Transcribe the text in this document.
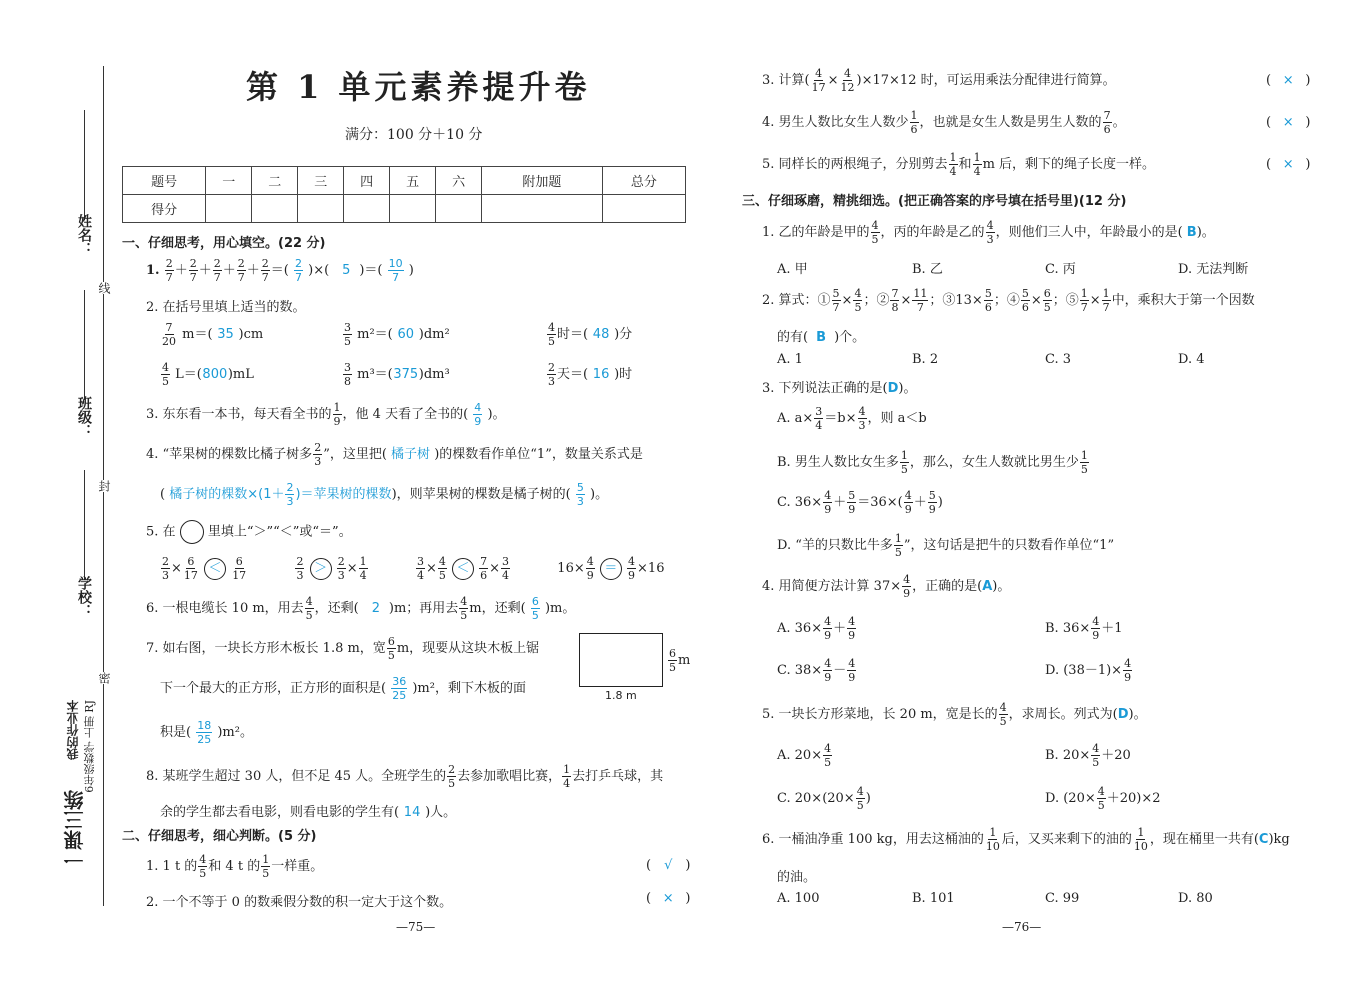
姓名：
班级：
学校：
线
封
密
一课三练
我的作业本 6年级数学 上册 RJ
第 1 单元素养提升卷
满分：100 分＋10 分
题号	一	二	三	四	五	六	附加题	总分
得分								
一、仔细思考，用心填空。(22 分)
1. $\frac{2}{7} + \frac{2}{7} + \frac{2}{7} + \frac{2}{7} + \frac{2}{7}$ ＝( $\frac{2}{7}$ )×( 5 )＝( $\frac{10}{7}$ )
2. 在括号里填上适当的数。
$\frac{7}{20} m=$( 35 )cm	$\frac{3}{5} m^2=$( 60 )dm²	$\frac{4}{5}$ 时＝( 48 )分
$\frac{4}{5} L=(800)mL$	$\frac{3}{8} m^3=(375)dm^3$	$\frac{2}{3}$ 天＝( 16 )时
3. 东东看一本书，每天看全书的 $\frac{1}{9}$ ，他 4 天看了全书的( $\frac{4}{9}$ )。
4. “苹果树的棵数比橘子树多 $\frac{2}{3}$ ”，这里把( 橘子树 )的棵数看作单位“1”，数量关系式是
( 橘子树的棵数$\times(1+ \frac{2}{3}$ )＝苹果树的棵数)，则苹果树的棵数是橘子树的( $\frac{5}{3}$ )。
5. 在 里填上“＞”“＜”或“＝”。
$\frac{2}{3} \times \frac{6}{17} < \frac{6}{17}$
	$\frac{2}{3} > \frac{2}{3} \times \frac{1}{4}$
	$\frac{3}{4} \times \frac{4}{5} < \frac{7}{6} \times \frac{3}{4}$	$16\times \frac{4}{9} = \frac{4}{9} \times 16$
6. 一根电缆长 10 m，用去 $\frac{4}{5}$ ，还剩( 2 )m；再用去 $\frac{4}{5}$ m，还剩( $\frac{6}{5} )m$。
7. 如右图，一块长方形木板长 1.8 m，宽 $\frac{6}{5}$ m，现要从这块木板上锯
下一个最大的正方形，正方形的面积是( $\frac{36}{25} )m^2$，剩下木板的面
积是( $\frac{18}{25} )m^2$。
$\frac{6}{5}$ m
1.8 m
8. 某班学生超过 30 人，但不足 45 人。全班学生的 $\frac{2}{5}$ 去参加歌唱比赛， $\frac{1}{4}$ 去打乒乓球，其
余的学生都去看电影，则看电影的学生有( 14 )人。
二、仔细思考，细心判断。(5 分)
1. 1 t 的 $\frac{4}{5}$ 和 4 t 的 $\frac{1}{5}$ 一样重。	( √ )
2. 一个不等于 0 的数乘假分数的积一定大于这个数。	( × )
—75—
3. 计算( $\frac{4}{17} \times \frac{4}{12} )\times 17\times 12$ 时，可运用乘法分配律进行简算。	( × )
4. 男生人数比女生人数少 $\frac{1}{6}$ ，也就是女生人数是男生人数的 $\frac{7}{6}$ 。	( × )
5. 同样长的两根绳子，分别剪去 $\frac{1}{4}$ 和 $\frac{1}{4}$ m 后，剩下的绳子长度一样。	( × )
三、仔细琢磨，精挑细选。(把正确答案的序号填在括号里)(12 分)
1. 乙的年龄是甲的 $\frac{4}{5}$ ，丙的年龄是乙的 $\frac{4}{3}$ ，则他们三人中，年龄最小的是( B)。
A. 甲	B. 乙	C. 丙	D. 无法判断
2. 算式：① $\frac{5}{7} \times \frac{4}{5}$ ；② $\frac{7}{8} \times \frac{11}{7}$ ；③13× $\frac{5}{6}$ ；④ $\frac{5}{6} \times \frac{6}{5}$ ；⑤ $\frac{1}{7} \times \frac{1}{7}$ 中，乘积大于第一个因数
的有( B )个。
A. 1	B. 2	C. 3	D. 4
3. 下列说法正确的是(D)。
A. $a\times \frac{3}{4} =b\times \frac{4}{3}$ ，则 a＜b
B. 男生人数比女生多 $\frac{1}{5}$ ，那么，女生人数就比男生少 $\frac{1}{5}$
C. $36\times \frac{4}{9} + \frac{5}{9} =36\times( \frac{4}{9} + \frac{5}{9}$ )
D. “羊的只数比牛多 $\frac{1}{5}$ ”，这句话是把牛的只数看作单位“1”
4. 用简便方法计算 $37\times \frac{4}{9}$ ，正确的是(A)。
A. $36\times \frac{4}{9} + \frac{4}{9}$	B. $36\times \frac{4}{9} +1$
C. $38\times \frac{4}{9} - \frac{4}{9}$	D. $(38-1)\times \frac{4}{9}$
5. 一块长方形菜地，长 20 m，宽是长的 $\frac{4}{5}$ ，求周长。列式为(D)。
A. $20\times \frac{4}{5}$	B. $20\times \frac{4}{5} +20$
C. $20\times(20\times \frac{4}{5}$ )	D. $(20\times \frac{4}{5} +20)\times 2$
6. 一桶油净重 100 kg，用去这桶油的 $\frac{1}{10}$ 后，又买来剩下的油的 $\frac{1}{10}$ ，现在桶里一共有(C)kg
的油。
A. 100	B. 101	C. 99	D. 80
—76—
